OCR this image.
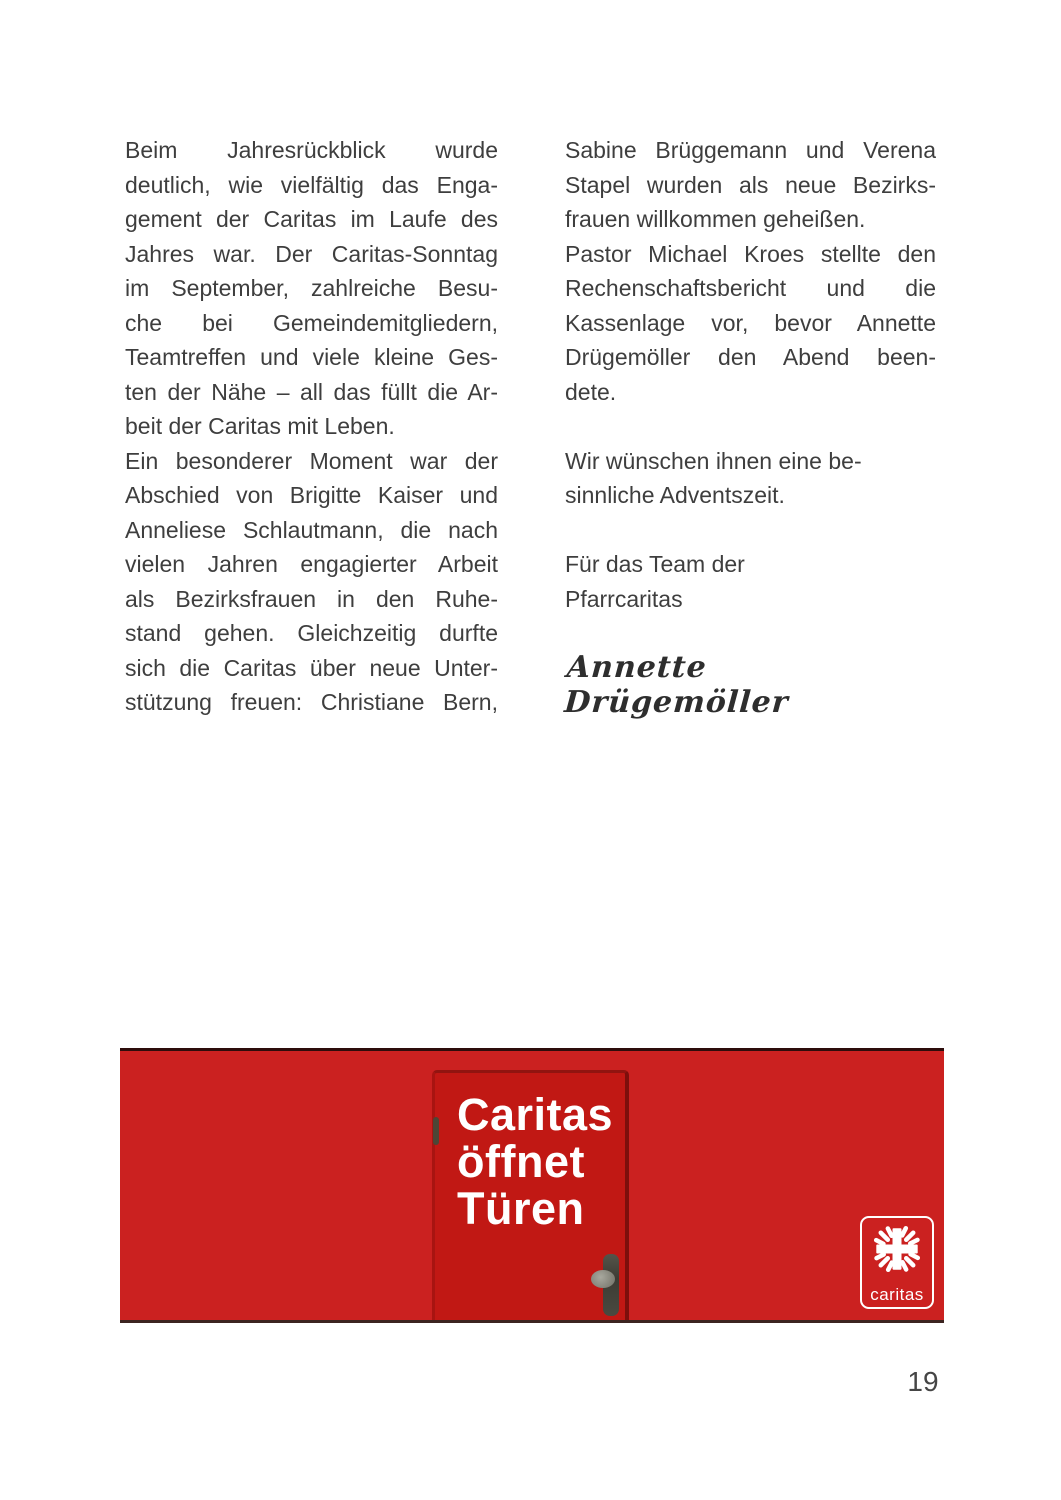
Beim Jahresrückblick wurde
deutlich, wie vielfältig das Enga-
gement der Caritas im Laufe des
Jahres war. Der Caritas-Sonntag
im September, zahlreiche Besu-
che bei Gemeindemitgliedern,
Teamtreffen und viele kleine Ges-
ten der Nähe – all das füllt die Ar-
beit der Caritas mit Leben.
Ein besonderer Moment war der
Abschied von Brigitte Kaiser und
Anneliese Schlautmann, die nach
vielen Jahren engagierter Arbeit
als Bezirksfrauen in den Ruhe-
stand gehen. Gleichzeitig durfte
sich die Caritas über neue Unter-
stützung freuen: Christiane Bern,
Sabine Brüggemann und Verena
Stapel wurden als neue Bezirks-
frauen willkommen geheißen.
Pastor Michael Kroes stellte den
Rechenschaftsbericht und die
Kassenlage vor, bevor Annette
Drügemöller den Abend been-
dete.
Wir wünschen ihnen eine be-
sinnliche Adventszeit.
Für das Team der
Pfarrcaritas
Annette Drügemöller
Caritas
öffnet
Türen
caritas
19
